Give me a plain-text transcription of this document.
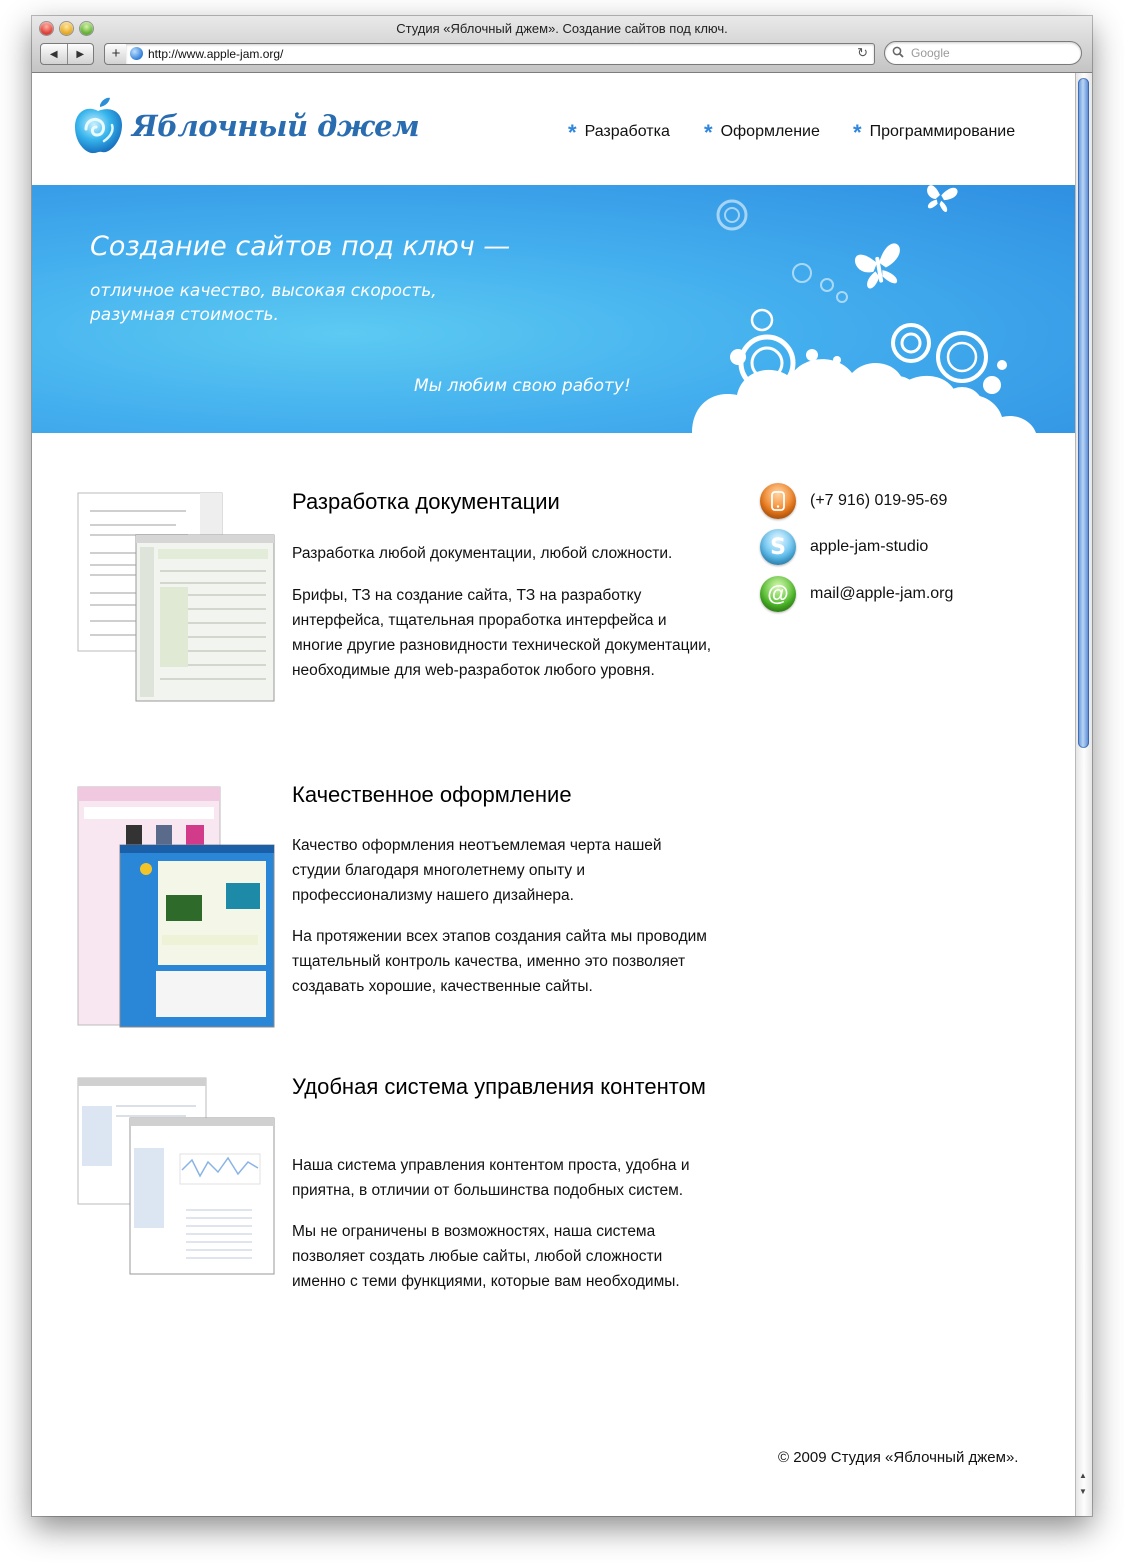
Студия «Яблочный джем». Создание сайтов под ключ.
◀ ▶	+	http://www.apple-jam.org/	↻	Google
Яблочный джем	* Разработка * Оформление * Программирование
Создание сайтов под ключ —
отличное качество, высокая скорость,
разумная стоимость.
Мы любим свою работу!
(+7 916) 019-95-69
S apple-jam-studio
@	mail@apple-jam.org
Разработка документации

Разработка любой документации, любой сложности.

Брифы, ТЗ на создание сайта, ТЗ на разработку интерфейса, тщательная проработка интерфейса и многие другие разновидности технической документации, необходимые для web-разработок любого уровня.

Качественное оформление

Качество оформления неотъемлемая черта нашей студии благодаря многолетнему опыту и профессионализму нашего дизайнера.

На протяжении всех этапов создания сайта мы проводим тщательный контроль качества, именно это позволяет создавать хорошие, качественные сайты.

Удобная система управления контентом

Наша система управления контентом проста, удобна и приятна, в отличии от большинства подобных систем.

Мы не ограничены в возможностях, наша система позволяет создать любые сайты, любой сложности именно с теми функциями, которые вам необходимы.

© 2009 Студия «Яблочный джем».
▲
▼
